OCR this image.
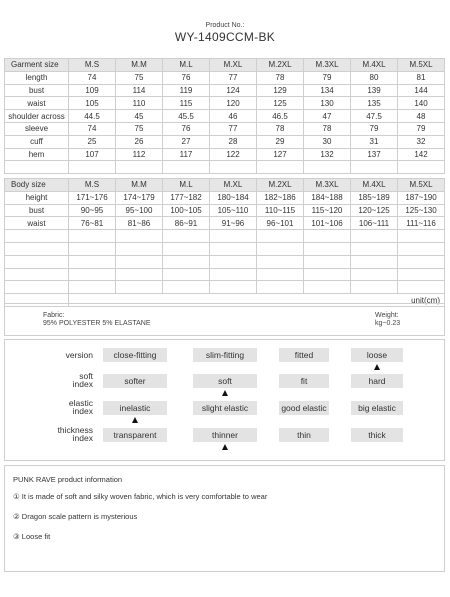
Product No.:
WY-1409CCM-BK
Garment size	M.S	M.M	M.L	M.XL	M.2XL	M.3XL	M.4XL	M.5XL
length	74	75	76	77	78	79	80	81
bust	109	114	119	124	129	134	139	144
waist	105	110	115	120	125	130	135	140
shoulder across	44.5	45	45.5	46	46.5	47	47.5	48
sleeve	74	75	76	77	78	78	79	79
cuff	25	26	27	28	29	30	31	32
hem	107	112	117	122	127	132	137	142

Body size	M.S	M.M	M.L	M.XL	M.2XL	M.3XL	M.4XL	M.5XL
height	171~176	174~179	177~182	180~184	182~186	184~188	185~189	187~190
bust	90~95	95~100	100~105	105~110	110~115	115~120	120~125	125~130
waist	76~81	81~86	86~91	91~96	96~101	101~106	106~111	111~116

	unit(cm)							
Fabric:
95% POLYESTER 5% ELASTANE
Weight:
kg~0.23
version	close-fitting	slim-fitting	fitted	loose
soft
index	softer	soft	fit	hard
elastic
index	inelastic	slight elastic	good elastic	big elastic
thickness
index	transparent	thinner	thin	thick
PUNK RAVE product information
① It is made of soft and silky woven fabric, which is very comfortable to wear
② Dragon scale pattern is mysterious
③ Loose fit
